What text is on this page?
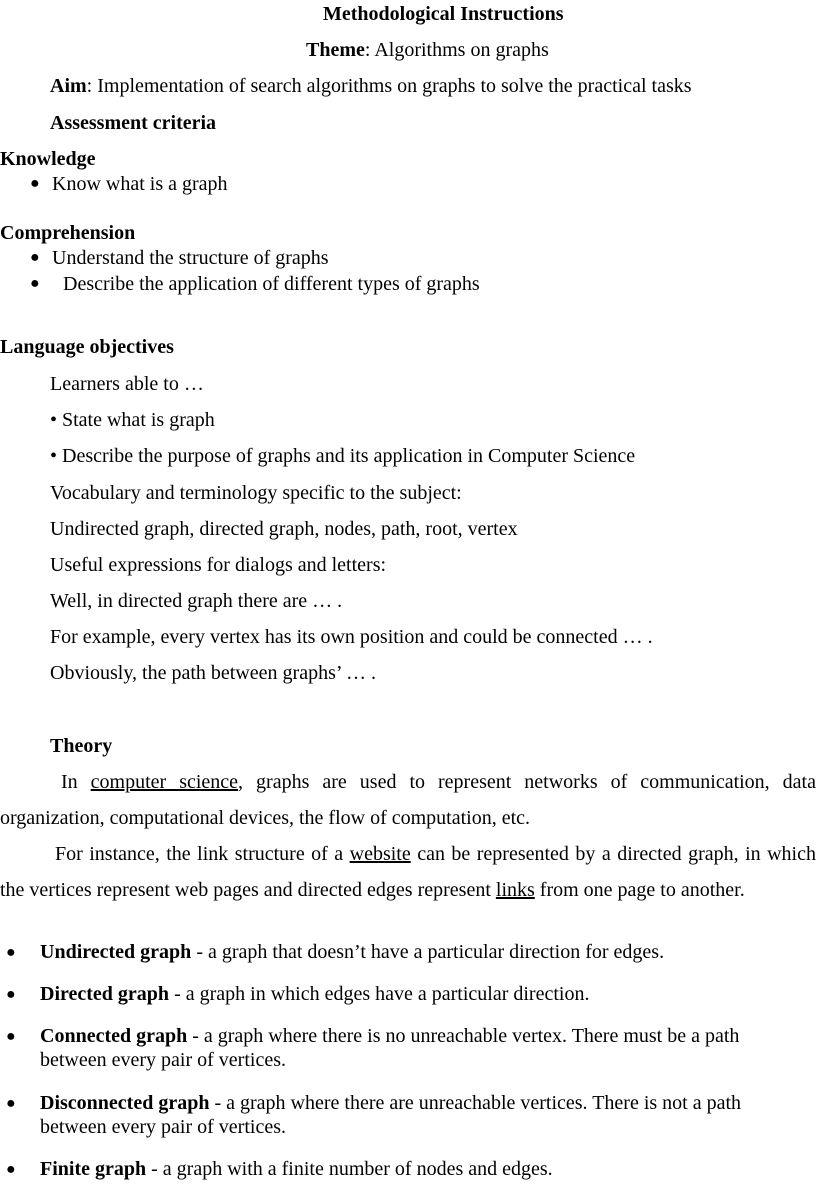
Methodological Instructions
Theme: Algorithms on graphs
Aim: Implementation of search algorithms on graphs to solve the practical tasks
Assessment criteria
Knowledge
● Know what is a graph
Comprehension
● Understand the structure of graphs
● Describe the application of different types of graphs
Language objectives
Learners able to …
• State what is graph
• Describe the purpose of graphs and its application in Computer Science
Vocabulary and terminology specific to the subject:
Undirected graph, directed graph, nodes, path, root, vertex
Useful expressions for dialogs and letters:
Well, in directed graph there are … .
For example, every vertex has its own position and could be connected … .
Obviously, the path between graphs’ … .
Theory
In computer science, graphs are used to represent networks of communication, data
organization, computational devices, the flow of computation, etc.
For instance, the link structure of a website can be represented by a directed graph, in which
the vertices represent web pages and directed edges represent links from one page to another.
● Undirected graph - a graph that doesn’t have a particular direction for edges.
● Directed graph - a graph in which edges have a particular direction.
● Connected graph - a graph where there is no unreachable vertex. There must be a path
between every pair of vertices.
● Disconnected graph - a graph where there are unreachable vertices. There is not a path
between every pair of vertices.
● Finite graph - a graph with a finite number of nodes and edges.
